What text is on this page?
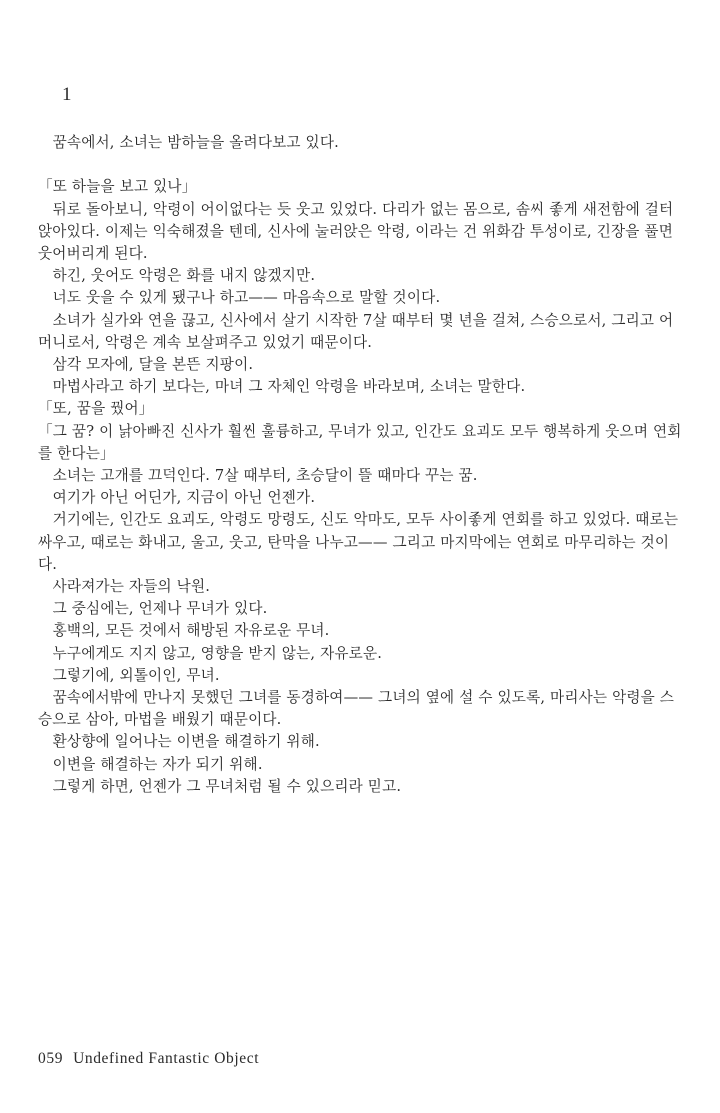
1

꿈속에서, 소녀는 밤하늘을 올려다보고 있다.

「또 하늘을 보고 있나」

뒤로 돌아보니, 악령이 어이없다는 듯 웃고 있었다. 다리가 없는 몸으로, 솜씨 좋게 새전함에 걸터앉아있다. 이제는 익숙해졌을 텐데, 신사에 눌러앉은 악령, 이라는 건 위화감 투성이로, 긴장을 풀면 웃어버리게 된다.

하긴, 웃어도 악령은 화를 내지 않겠지만.

너도 웃을 수 있게 됐구나 하고—— 마음속으로 말할 것이다.

소녀가 실가와 연을 끊고, 신사에서 살기 시작한 7살 때부터 몇 년을 걸쳐, 스승으로서, 그리고 어머니로서, 악령은 계속 보살펴주고 있었기 때문이다.

삼각 모자에, 달을 본뜬 지팡이.

마법사라고 하기 보다는, 마녀 그 자체인 악령을 바라보며, 소녀는 말한다.

「또, 꿈을 꿨어」

「그 꿈? 이 낡아빠진 신사가 훨씬 훌륭하고, 무녀가 있고, 인간도 요괴도 모두 행복하게 웃으며 연회를 한다는」

소녀는 고개를 끄덕인다. 7살 때부터, 초승달이 뜰 때마다 꾸는 꿈.

여기가 아닌 어딘가, 지금이 아닌 언젠가.

거기에는, 인간도 요괴도, 악령도 망령도, 신도 악마도, 모두 사이좋게 연회를 하고 있었다. 때로는 싸우고, 때로는 화내고, 울고, 웃고, 탄막을 나누고—— 그리고 마지막에는 연회로 마무리하는 것이다.

사라져가는 자들의 낙원.

그 중심에는, 언제나 무녀가 있다.

홍백의, 모든 것에서 해방된 자유로운 무녀.

누구에게도 지지 않고, 영향을 받지 않는, 자유로운.

그렇기에, 외톨이인, 무녀.

꿈속에서밖에 만나지 못했던 그녀를 동경하여—— 그녀의 옆에 설 수 있도록, 마리사는 악령을 스승으로 삼아, 마법을 배웠기 때문이다.

환상향에 일어나는 이변을 해결하기 위해.

이변을 해결하는 자가 되기 위해.

그렇게 하면, 언젠가 그 무녀처럼 될 수 있으리라 믿고.

059 Undefined Fantastic Object
